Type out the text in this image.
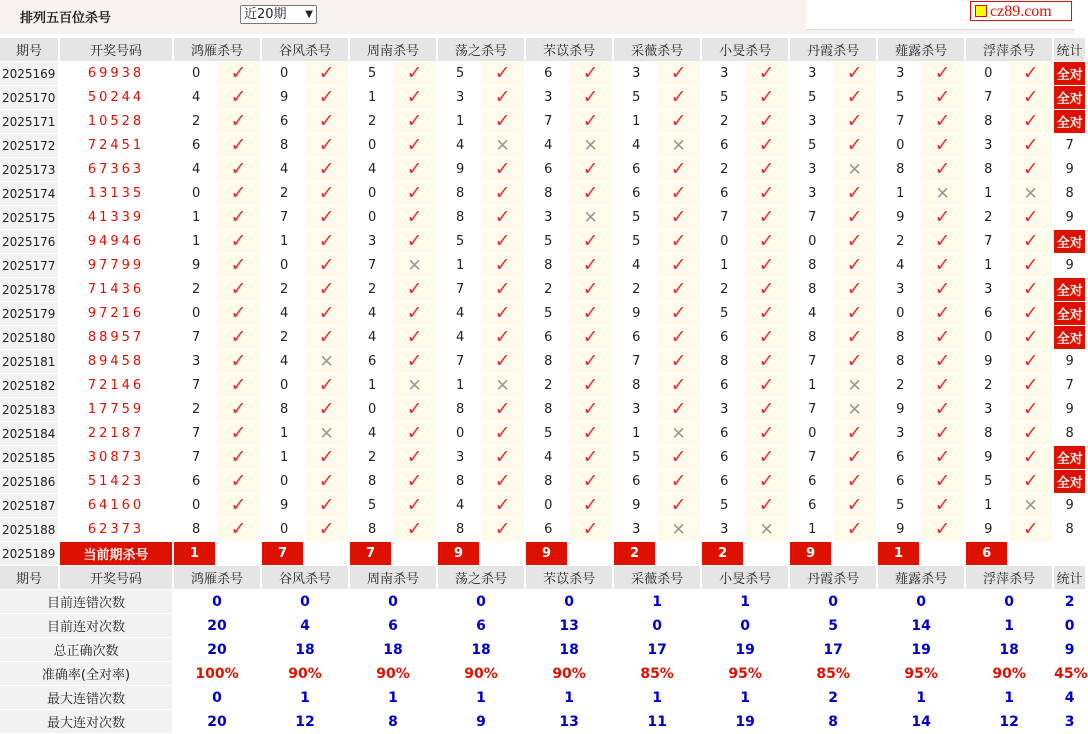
排列五百位杀号	近20期 ▼	cz89.com
期号	开奖号码	鸿雁杀号		谷风杀号		周南杀号		荡之杀号		芣苡杀号		采薇杀号		小旻杀号		丹霞杀号		薤露杀号		浮萍杀号		统计
2025169	69938	0	✓	0	✓	5	✓	5	✓	6	✓	3	✓	3	✓	3	✓	3	✓	0	✓	全对
2025170	50244	4	✓	9	✓	1	✓	3	✓	3	✓	5	✓	5	✓	5	✓	5	✓	7	✓	全对
2025171	10528	2	✓	6	✓	2	✓	1	✓	7	✓	1	✓	2	✓	3	✓	7	✓	8	✓	全对
2025172	72451	6	✓	8	✓	0	✓	4	✕	4	✕	4	✕	6	✓	5	✓	0	✓	3	✓	7
2025173	67363	4	✓	4	✓	4	✓	9	✓	6	✓	6	✓	2	✓	3	✕	8	✓	8	✓	9
2025174	13135	0	✓	2	✓	0	✓	8	✓	8	✓	6	✓	6	✓	3	✓	1	✕	1	✕	8
2025175	41339	1	✓	7	✓	0	✓	8	✓	3	✕	5	✓	7	✓	7	✓	9	✓	2	✓	9
2025176	94946	1	✓	1	✓	3	✓	5	✓	5	✓	5	✓	0	✓	0	✓	2	✓	7	✓	全对
2025177	97799	9	✓	0	✓	7	✕	1	✓	8	✓	4	✓	1	✓	8	✓	4	✓	1	✓	9
2025178	71436	2	✓	2	✓	2	✓	7	✓	2	✓	2	✓	2	✓	8	✓	3	✓	3	✓	全对
2025179	97216	0	✓	4	✓	4	✓	4	✓	5	✓	9	✓	5	✓	4	✓	0	✓	6	✓	全对
2025180	88957	7	✓	2	✓	4	✓	4	✓	6	✓	6	✓	6	✓	8	✓	8	✓	0	✓	全对
2025181	89458	3	✓	4	✕	6	✓	7	✓	8	✓	7	✓	8	✓	7	✓	8	✓	9	✓	9
2025182	72146	7	✓	0	✓	1	✕	1	✕	2	✓	8	✓	6	✓	1	✕	2	✓	2	✓	7
2025183	17759	2	✓	8	✓	0	✓	8	✓	8	✓	3	✓	3	✓	7	✕	9	✓	3	✓	9
2025184	22187	7	✓	1	✕	4	✓	0	✓	5	✓	1	✕	6	✓	0	✓	3	✓	8	✓	8
2025185	30873	7	✓	1	✓	2	✓	3	✓	4	✓	5	✓	6	✓	7	✓	6	✓	9	✓	全对
2025186	51423	6	✓	0	✓	8	✓	8	✓	8	✓	6	✓	6	✓	6	✓	6	✓	5	✓	全对
2025187	64160	0	✓	9	✓	5	✓	4	✓	0	✓	9	✓	5	✓	6	✓	5	✓	1	✕	9
2025188	62373	8	✓	0	✓	8	✓	8	✓	6	✓	3	✕	3	✕	1	✓	9	✓	9	✓	8
2025189	当前期杀号	1		7		7		9		9		2		2		9		1		6		
期号	开奖号码	鸿雁杀号		谷风杀号		周南杀号		荡之杀号		芣苡杀号		采薇杀号		小旻杀号		丹霞杀号		薤露杀号		浮萍杀号		统计
目前连错次数		0		0		0		0		0		1		1		0		0		0		2
目前连对次数		20		4		6		6		13		0		0		5		14		1		0
总正确次数		20		18		18		18		18		17		19		17		19		18		9
准确率(全对率)		100%		90%		90%		90%		90%		85%		95%		85%		95%		90%		45%
最大连错次数		0		1		1		1		1		1		1		2		1		1		4
最大连对次数		20		12		8		9		13		11		19		8		14		12		3
